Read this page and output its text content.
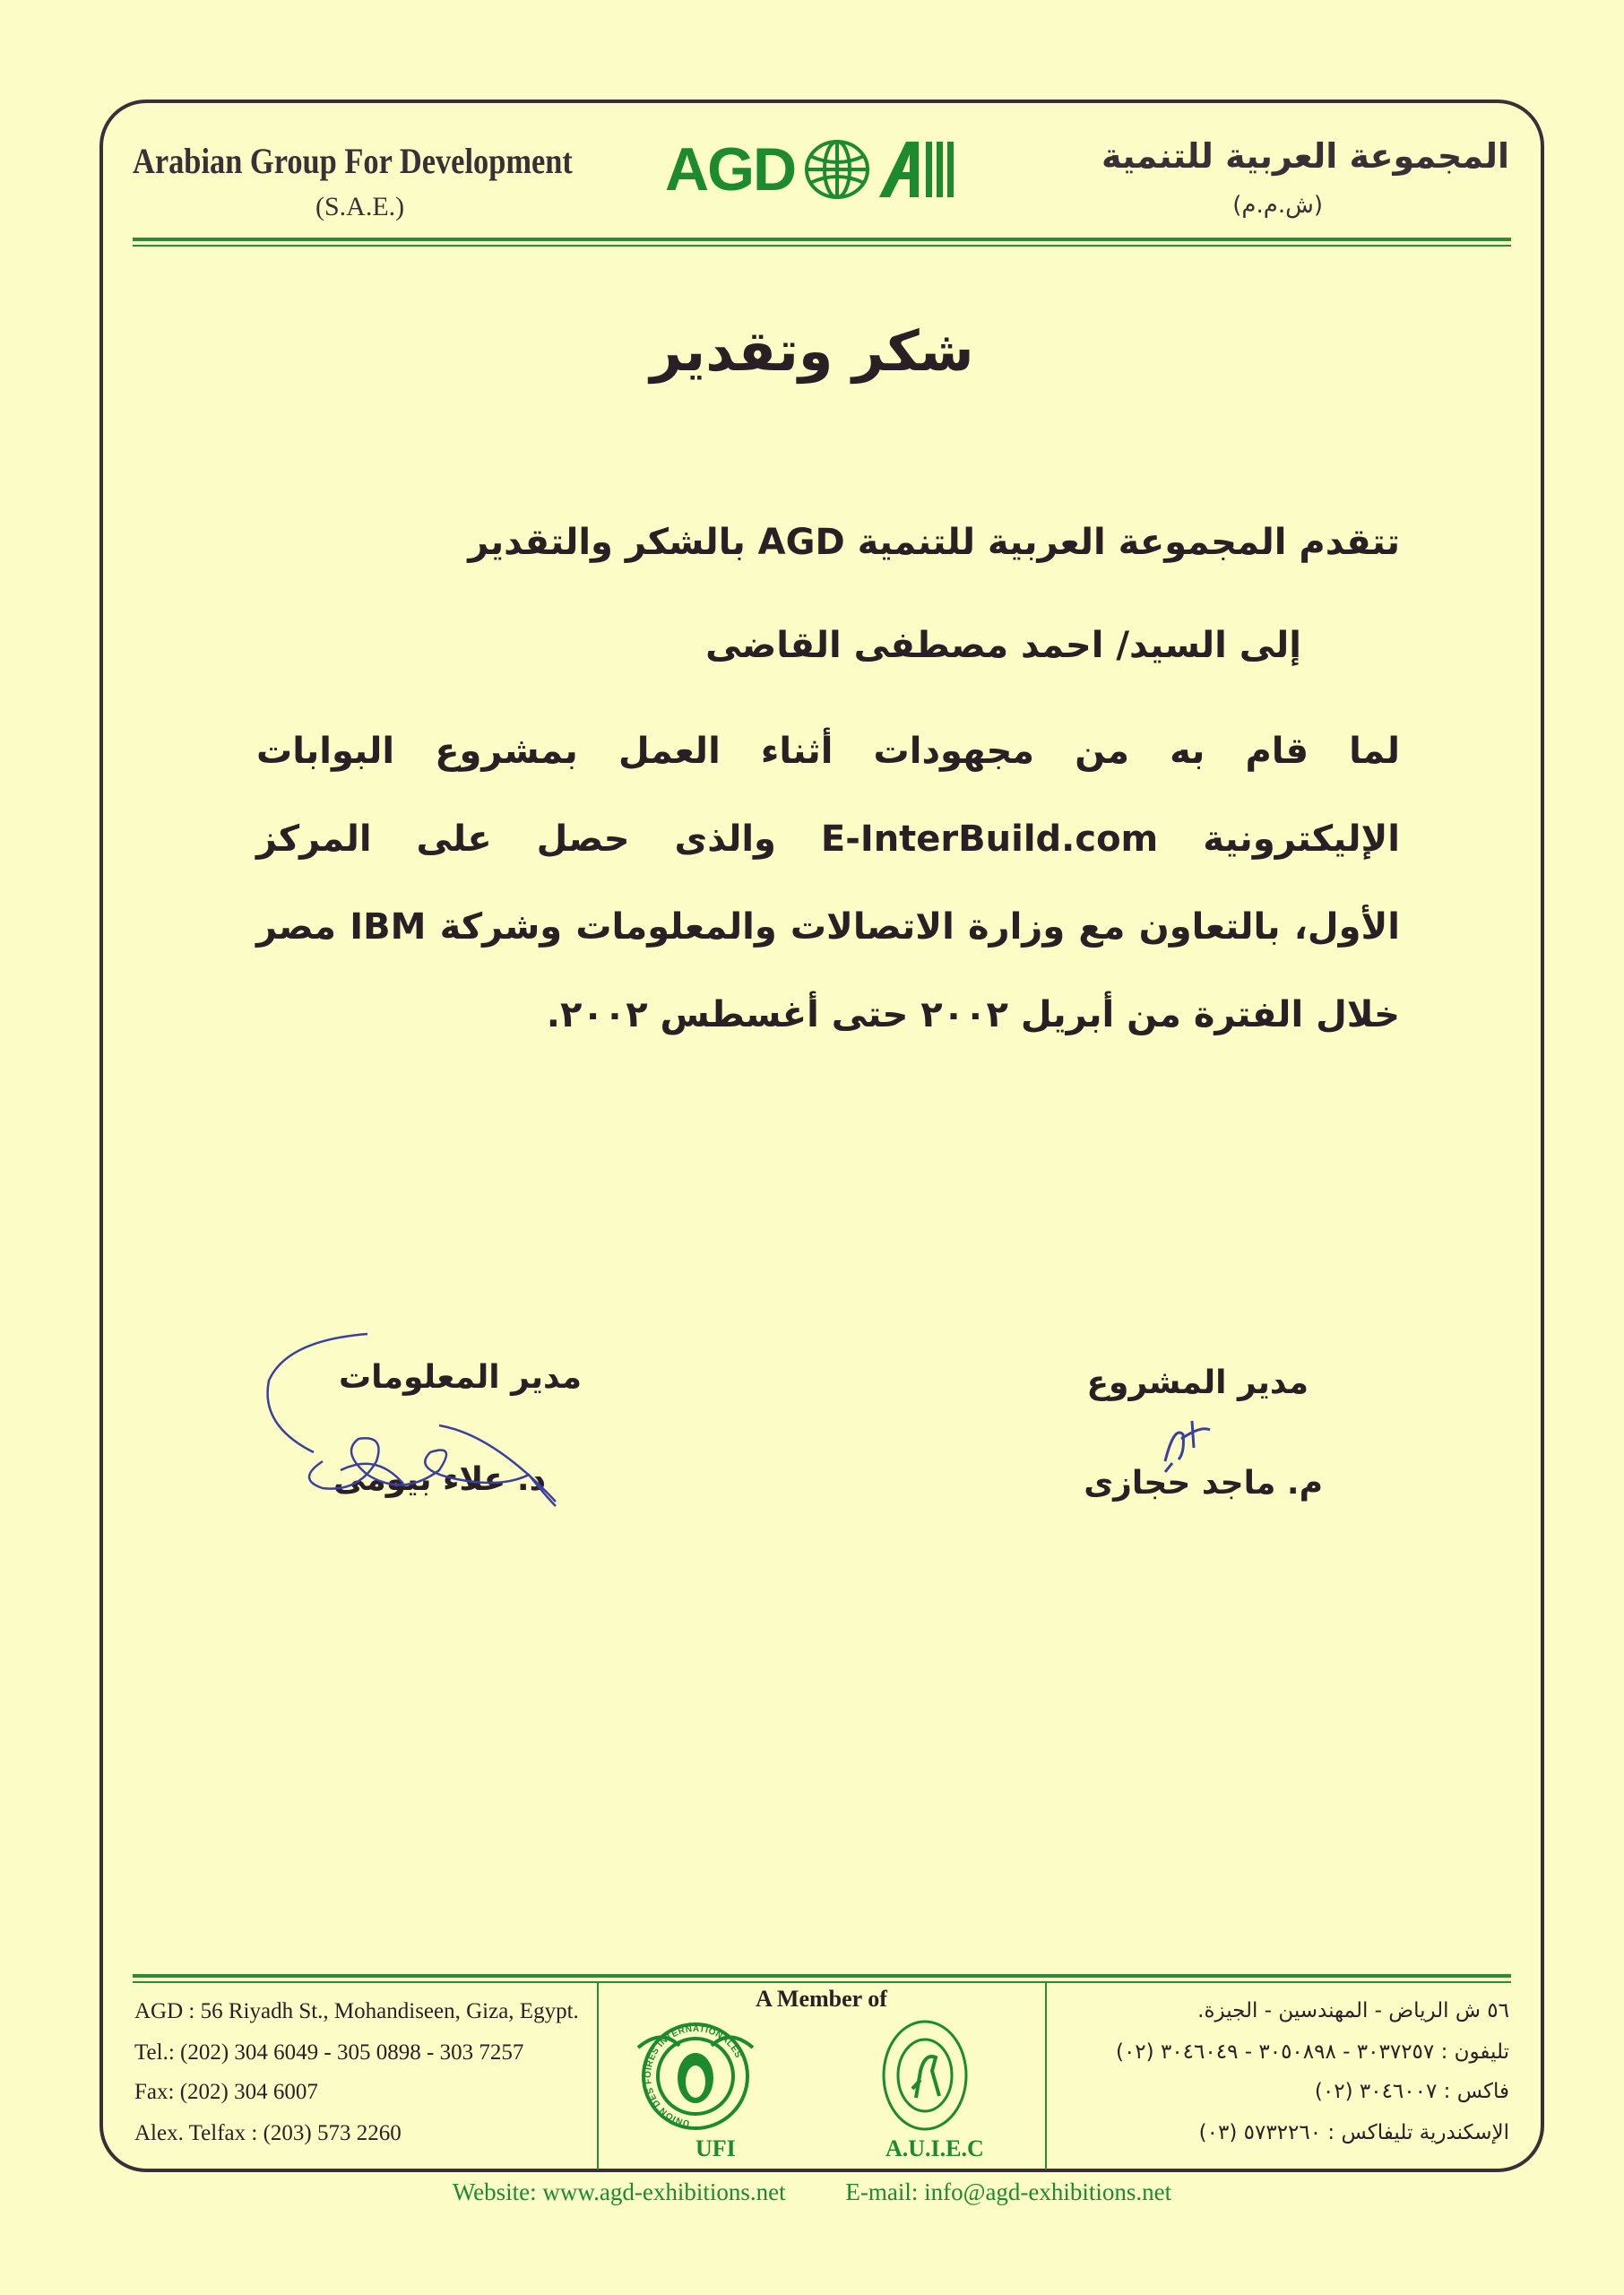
Arabian Group For Development
(S.A.E.)
AGD	المجموعة العربية للتنمية
(ش.م.م)
شكر وتقدير
تتقدم المجموعة العربية للتنمية AGD بالشكر والتقدير
إلى السيد/ احمد مصطفى القاضى
لما قام به من مجهودات أثناء العمل بمشروع البوابات
الإليكترونية E-InterBuild.com والذى حصل على المركز
الأول، بالتعاون مع وزارة الاتصالات والمعلومات وشركة IBM مصر
خلال الفترة من أبريل ٢٠٠٢ حتى أغسطس ٢٠٠٢.
مدير المشروع
م. ماجد حجازى
مدير المعلومات
د. علاء بيومى
AGD : 56 Riyadh St., Mohandiseen, Giza, Egypt.
Tel.: (202) 304 6049 - 305 0898 - 303 7257
Fax: (202) 304 6007
Alex. Telfax : (203) 573 2260
A Member of
UNION DES FOIRES INTERNATIONALES
UFI	A.U.I.E.C
٥٦ ش الرياض - المهندسين - الجيزة.
تليفون : ٣٠٣٧٢٥٧ - ٣٠٥٠٨٩٨ - ٣٠٤٦٠٤٩ (٠٢)
فاكس : ٣٠٤٦٠٠٧ (٠٢)
الإسكندرية تليفاكس : ٥٧٣٢٢٦٠ (٠٣)
Website: www.agd-exhibitions.net E-mail: info@agd-exhibitions.net
